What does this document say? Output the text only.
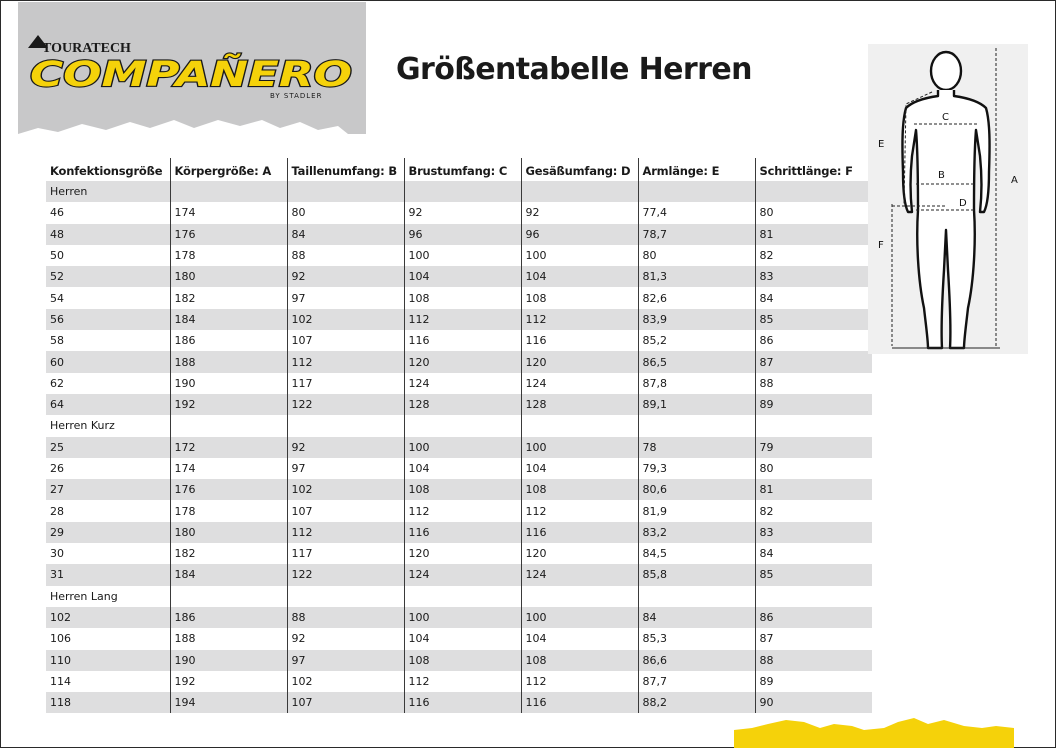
TOURATECH
COMPAÑERO
BY STADLER
Größentabelle Herren
Konfektionsgröße	Körpergröße: A	Taillenumfang: B	Brustumfang: C	Gesäßumfang: D	Armlänge: E	Schrittlänge: F
Herren						
46	174	80	92	92	77,4	80
48	176	84	96	96	78,7	81
50	178	88	100	100	80	82
52	180	92	104	104	81,3	83
54	182	97	108	108	82,6	84
56	184	102	112	112	83,9	85
58	186	107	116	116	85,2	86
60	188	112	120	120	86,5	87
62	190	117	124	124	87,8	88
64	192	122	128	128	89,1	89
Herren Kurz						
25	172	92	100	100	78	79
26	174	97	104	104	79,3	80
27	176	102	108	108	80,6	81
28	178	107	112	112	81,9	82
29	180	112	116	116	83,2	83
30	182	117	120	120	84,5	84
31	184	122	124	124	85,8	85
Herren Lang						
102	186	88	100	100	84	86
106	188	92	104	104	85,3	87
110	190	97	108	108	86,6	88
114	192	102	112	112	87,7	89
118	194	107	116	116	88,2	90
C
B
D
E
F
A
